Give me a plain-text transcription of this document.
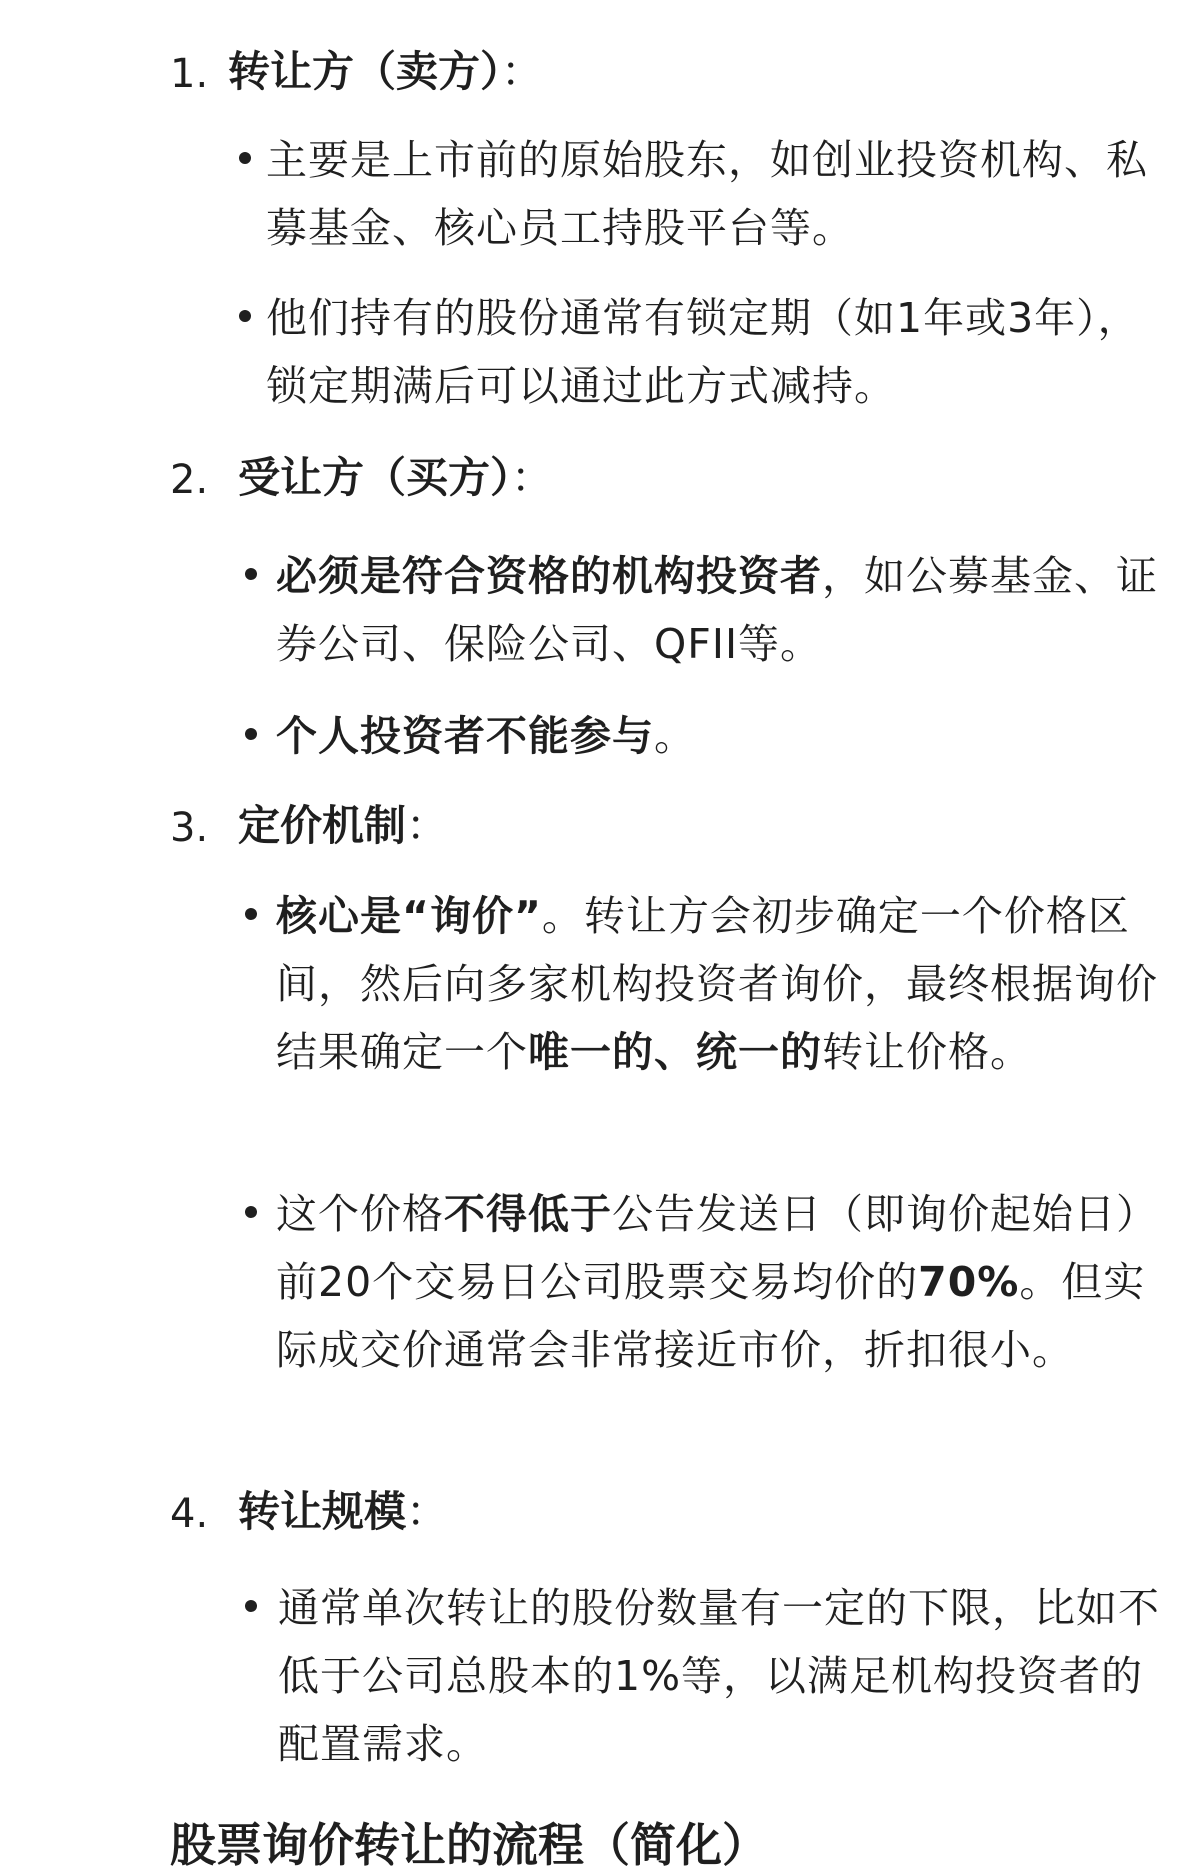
1. 转让方（卖方）：
主要是上市前的原始股东，如创业投资机构、私募基金、核心员工持股平台等。
他们持有的股份通常有锁定期（如1年或3年），锁定期满后可以通过此方式减持。
2. 受让方（买方）：
必须是符合资格的机构投资者，如公募基金、证券公司、保险公司、QFII等。
个人投资者不能参与。
3. 定价机制：
核心是“询价”。转让方会初步确定一个价格区间，然后向多家机构投资者询价，最终根据询价结果确定一个唯一的、统一的转让价格。
这个价格不得低于公告发送日（即询价起始日）前20个交易日公司股票交易均价的70%。但实际成交价通常会非常接近市价，折扣很小。
4. 转让规模：
通常单次转让的股份数量有一定的下限，比如不低于公司总股本的1%等，以满足机构投资者的配置需求。
股票询价转让的流程（简化）
